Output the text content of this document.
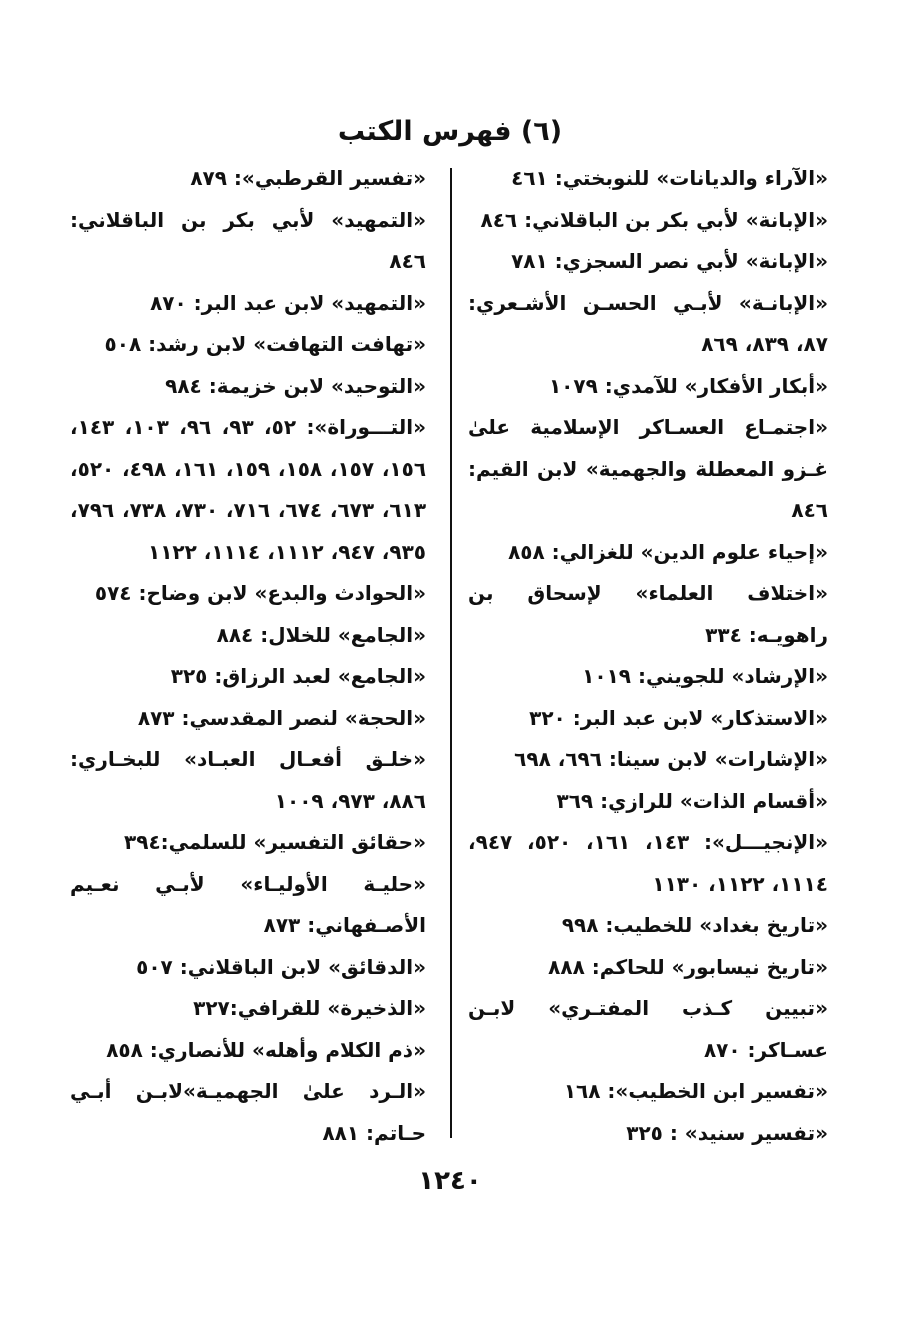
(٦) فهرس الكتب

«الآراء والديانات» للنوبختي: ٤٦١

«الإبانة» لأبي بكر بن الباقلاني: ٨٤٦

«الإبانة» لأبي نصر السجزي: ٧٨١

«الإبانـة» لأبـي الحسـن الأشـعري: ٨٧، ٨٣٩، ٨٦٩

«أبكار الأفكار» للآمدي: ١٠٧٩

«اجتمـاع العسـاكر الإسلامية علىٰ غـزو المعطلة والجهمية» لابن القيم: ٨٤٦

«إحياء علوم الدين» للغزالي: ٨٥٨

«اختلاف العلماء» لإسحاق بن راهويـه: ٣٣٤

«الإرشاد» للجويني: ١٠١٩

«الاستذكار» لابن عبد البر: ٣٢٠

«الإشارات» لابن سينا: ٦٩٦، ٦٩٨

«أقسام الذات» للرازي: ٣٦٩

«الإنجيـــل»: ١٤٣، ١٦١، ٥٢٠، ٩٤٧، ١١١٤، ١١٢٢، ١١٣٠

«تاريخ بغداد» للخطيب: ٩٩٨

«تاريخ نيسابور» للحاكم: ٨٨٨

«تبيين كـذب المفتـري» لابـن عسـاكر: ٨٧٠

«تفسير ابن الخطيب»: ١٦٨

«تفسير سنيد» : ٣٢٥

«تفسير القرطبي»: ٨٧٩

«التمهيد» لأبي بكر بن الباقلاني: ٨٤٦

«التمهيد» لابن عبد البر: ٨٧٠

«تهافت التهافت» لابن رشد: ٥٠٨

«التوحيد» لابن خزيمة: ٩٨٤

«التـــوراة»: ٥٢، ٩٣، ٩٦، ١٠٣، ١٤٣، ١٥٦، ١٥٧، ١٥٨، ١٥٩، ١٦١، ٤٩٨، ٥٢٠، ٦١٣، ٦٧٣، ٦٧٤، ٧١٦، ٧٣٠، ٧٣٨، ٧٩٦، ٩٣٥، ٩٤٧، ١١١٢، ١١١٤، ١١٢٢

«الحوادث والبدع» لابن وضاح: ٥٧٤

«الجامع» للخلال: ٨٨٤

«الجامع» لعبد الرزاق: ٣٢٥

«الحجة» لنصر المقدسي: ٨٧٣

«خلـق أفعـال العبـاد» للبخـاري: ٨٨٦، ٩٧٣، ١٠٠٩

«حقائق التفسير» للسلمي:٣٩٤

«حليـة الأوليـاء» لأبـي نعـيم الأصـفهاني: ٨٧٣

«الدقائق» لابن الباقلاني: ٥٠٧

«الذخيرة» للقرافي:٣٢٧

«ذم الكلام وأهله» للأنصاري: ٨٥٨

«الـرد علىٰ الجهميـة»لابـن أبـي حـاتم: ٨٨١

١٢٤٠
